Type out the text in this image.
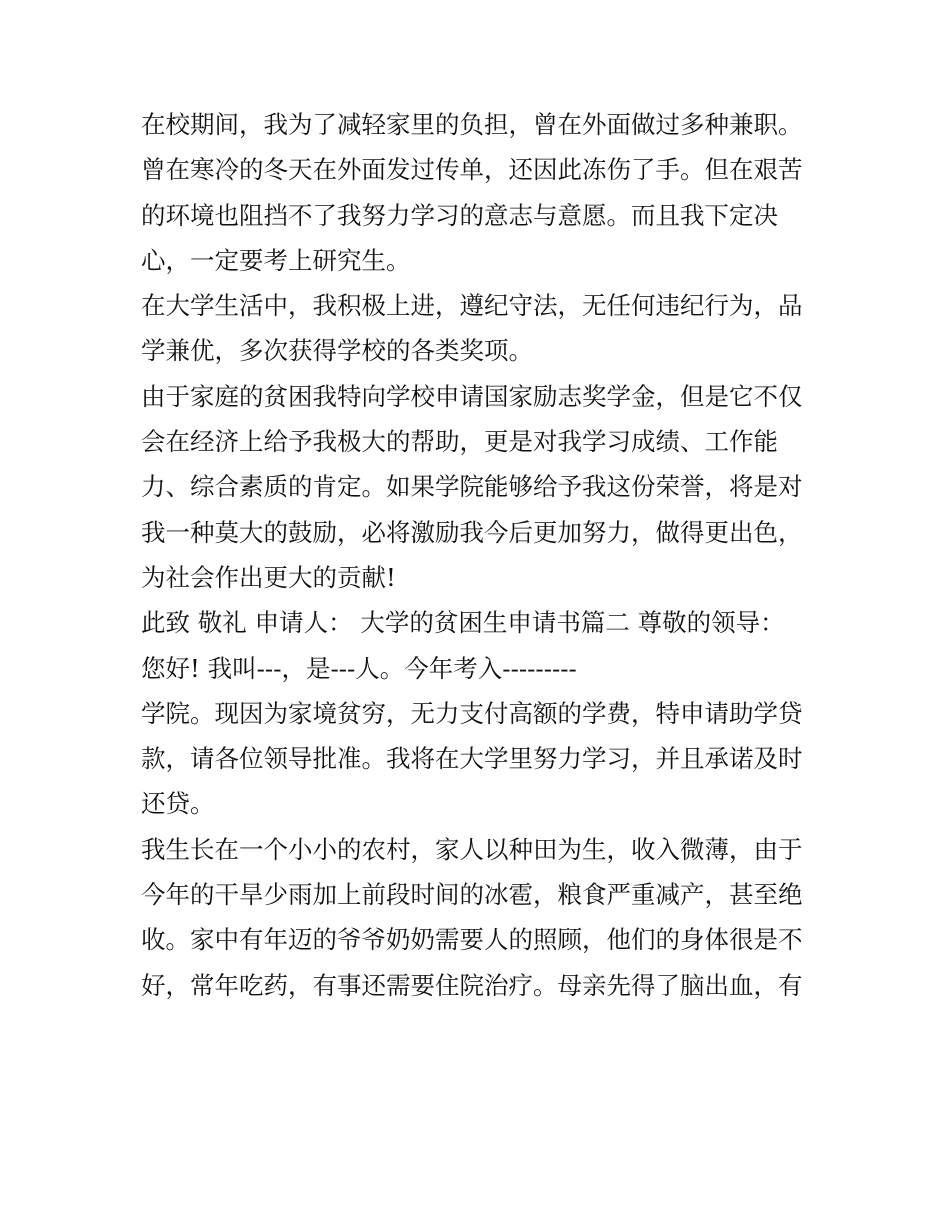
在校期间，我为了减轻家里的负担，曾在外面做过多种兼职。
曾在寒冷的冬天在外面发过传单，还因此冻伤了手。但在艰苦
的环境也阻挡不了我努力学习的意志与意愿。而且我下定决
心，一定要考上研究生。
在大学生活中，我积极上进，遵纪守法，无任何违纪行为，品
学兼优，多次获得学校的各类奖项。
由于家庭的贫困我特向学校申请国家励志奖学金，但是它不仅
会在经济上给予我极大的帮助，更是对我学习成绩、工作能
力、综合素质的肯定。如果学院能够给予我这份荣誉，将是对
我一种莫大的鼓励，必将激励我今后更加努力，做得更出色，
为社会作出更大的贡献!
此致 敬礼 申请人： 大学的贫困生申请书篇二 尊敬的领导：
您好! 我叫---，是---人。今年考入---------
学院。现因为家境贫穷，无力支付高额的学费，特申请助学贷
款，请各位领导批准。我将在大学里努力学习，并且承诺及时
还贷。
我生长在一个小小的农村，家人以种田为生，收入微薄，由于
今年的干旱少雨加上前段时间的冰雹，粮食严重减产，甚至绝
收。家中有年迈的爷爷奶奶需要人的照顾，他们的身体很是不
好，常年吃药，有事还需要住院治疗。母亲先得了脑出血，有
